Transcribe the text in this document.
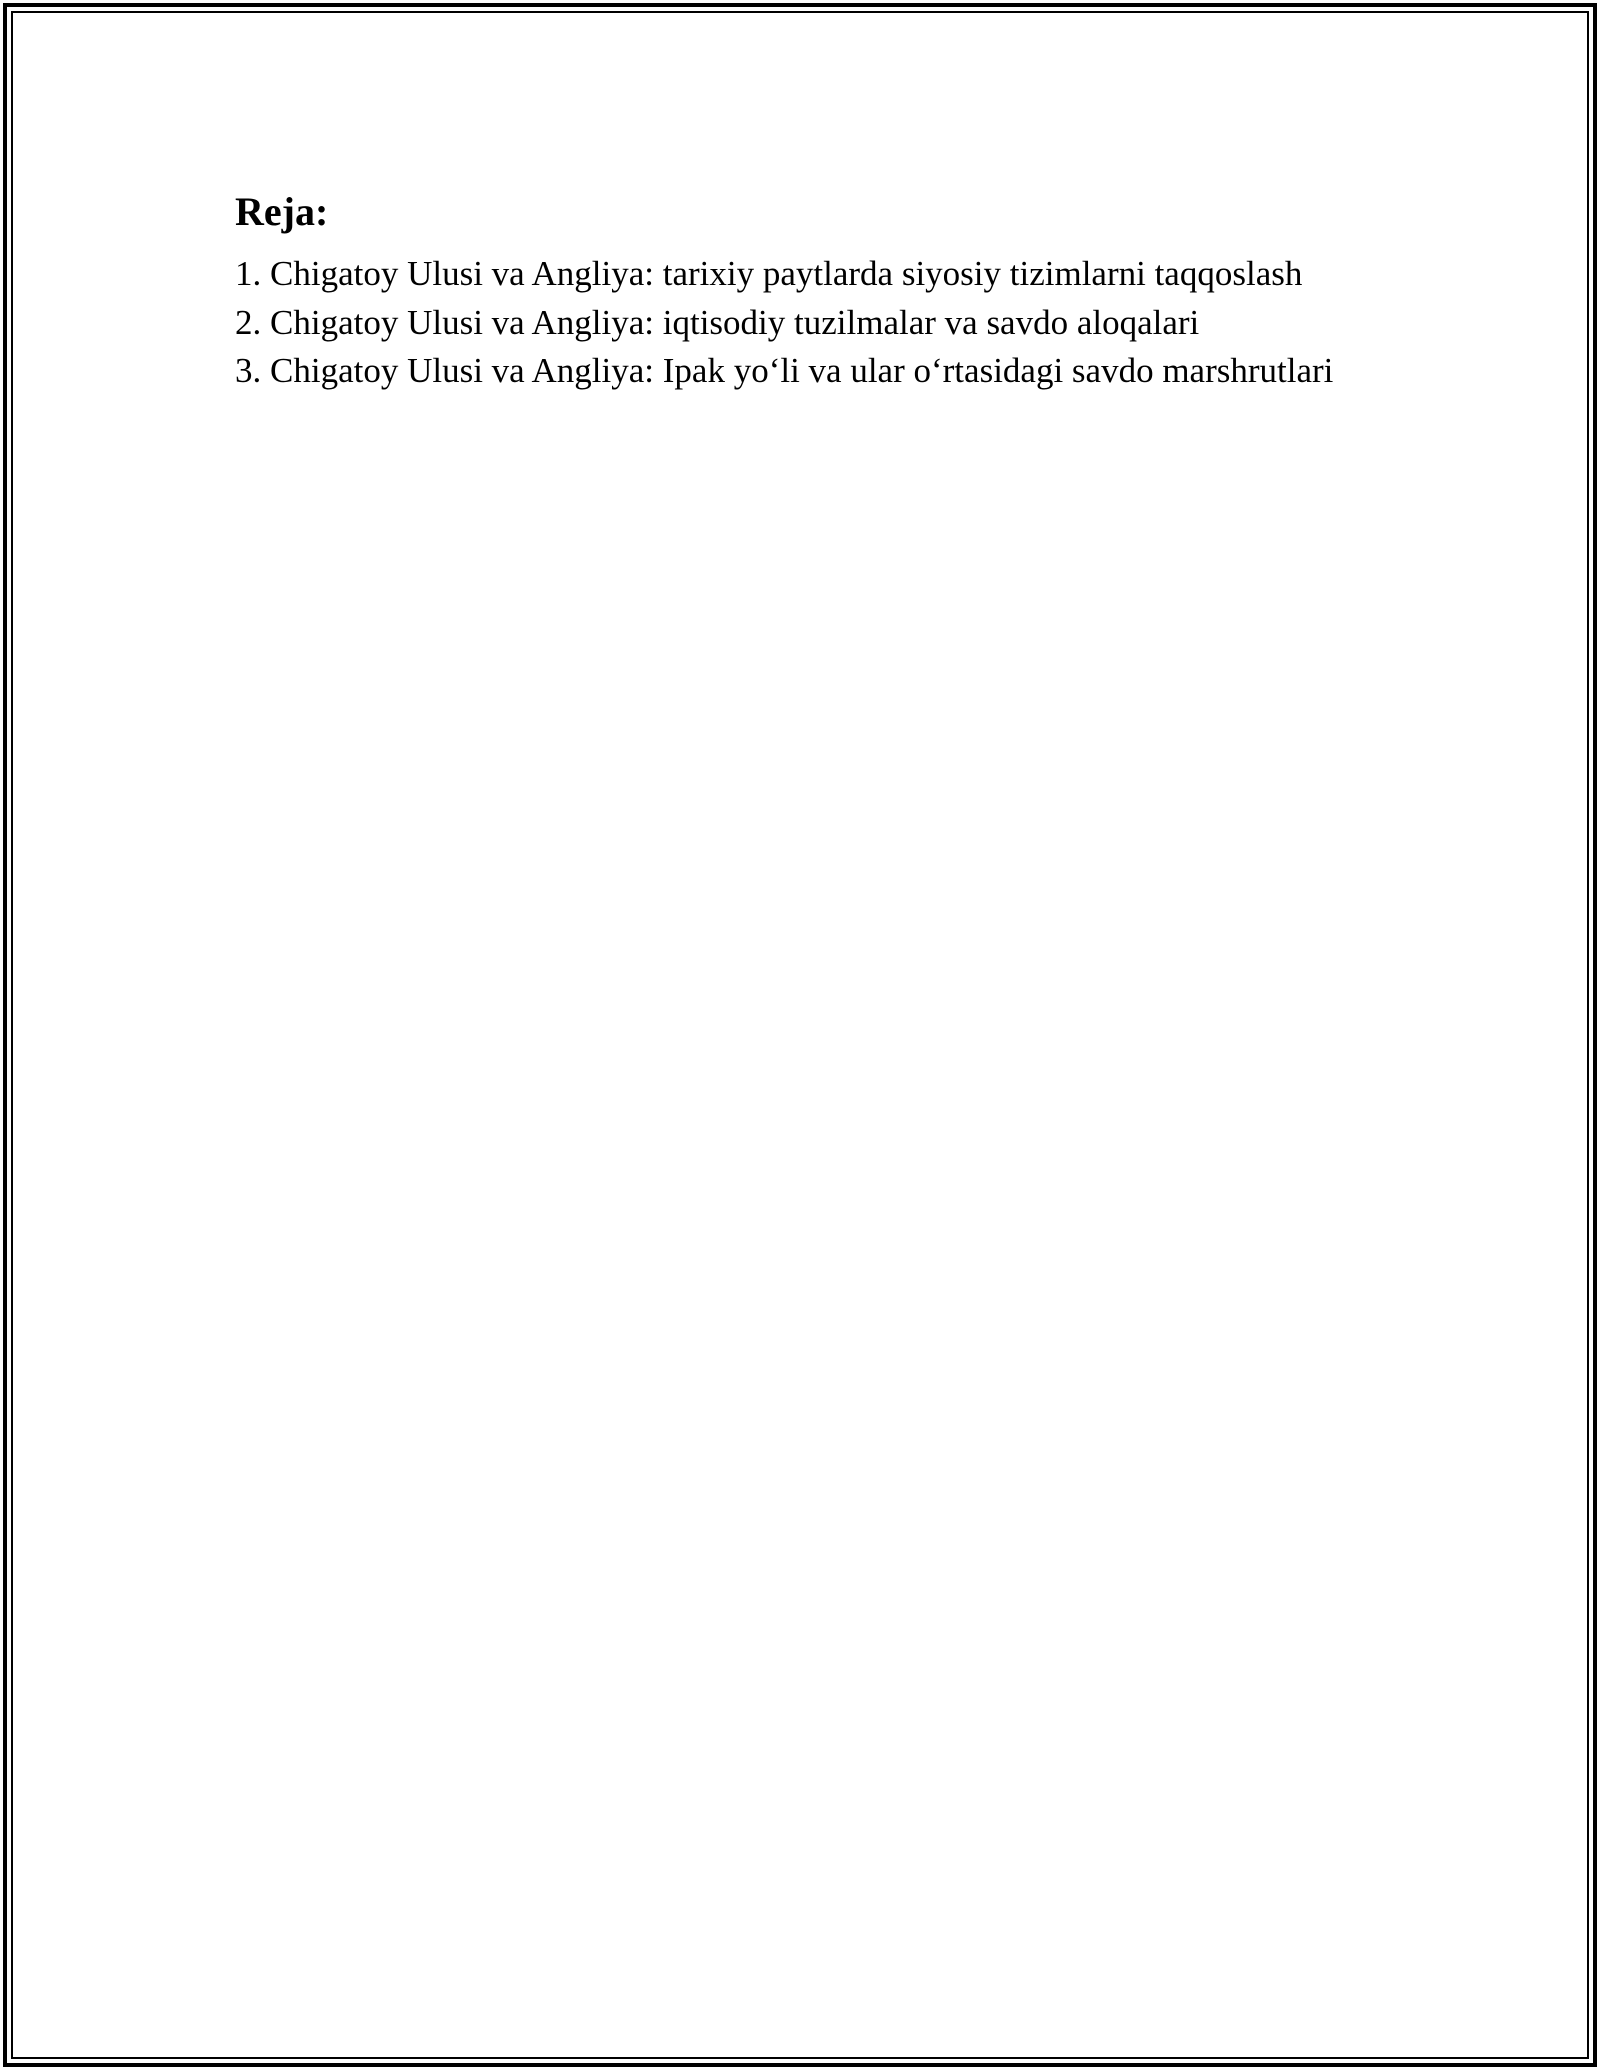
Reja:
1. Chigatoy Ulusi va Angliya: tarixiy paytlarda siyosiy tizimlarni taqqoslash
2. Chigatoy Ulusi va Angliya: iqtisodiy tuzilmalar va savdo aloqalari
3. Chigatoy Ulusi va Angliya: Ipak yo‘li va ular o‘rtasidagi savdo marshrutlari
